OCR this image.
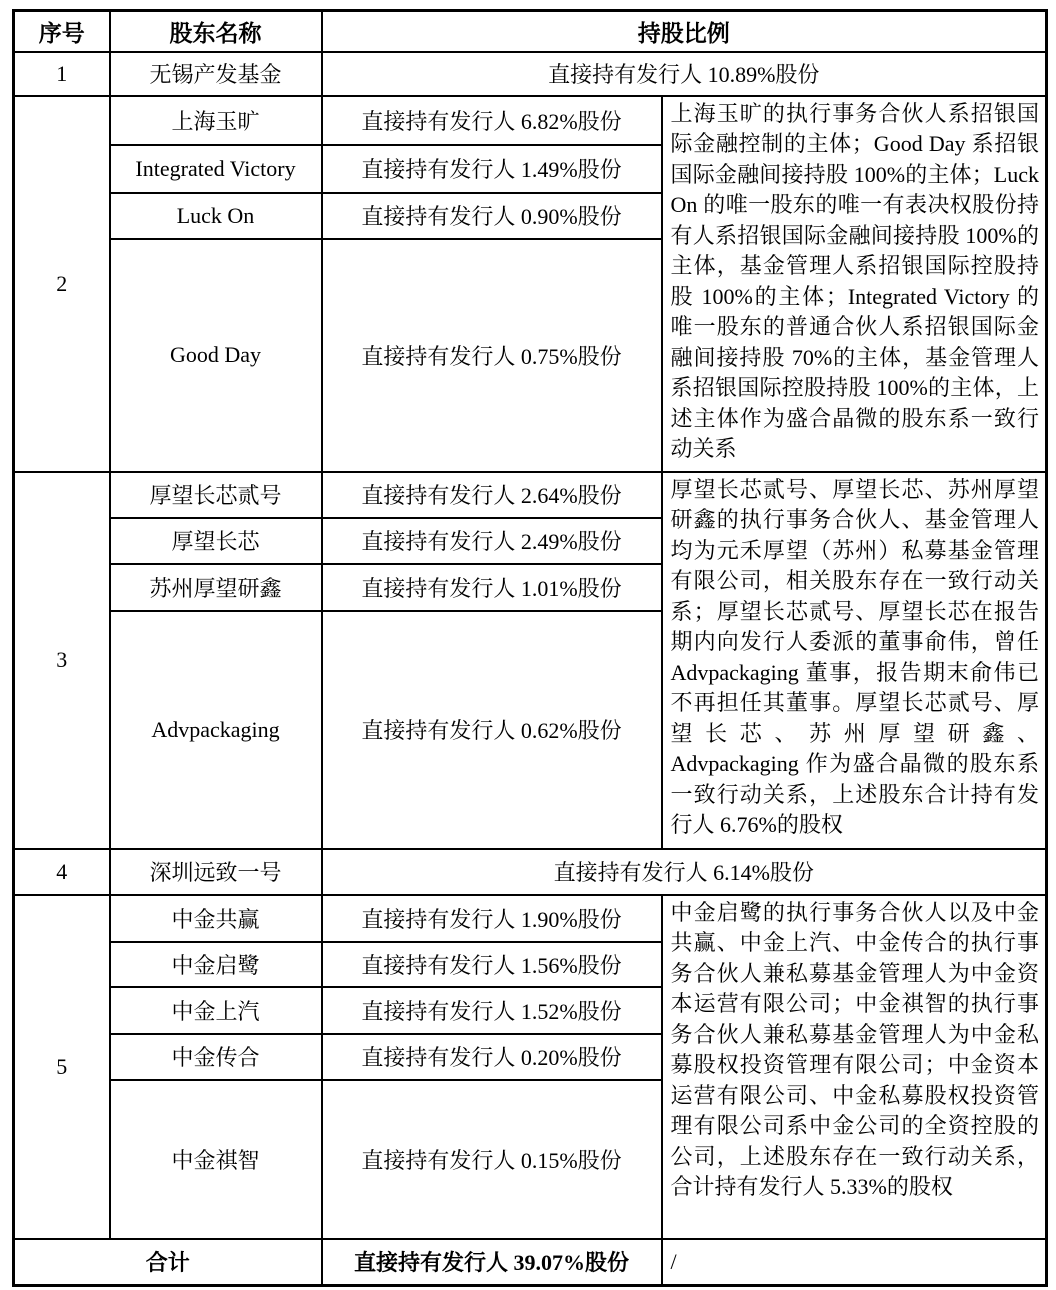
序号	股东名称	持股比例	
1	无锡产发基金	直接持有发行人 10.89%股份	
2	上海玉旷	直接持有发行人 6.82%股份	上海玉旷的执行事务合伙人系招银国际金融控制的主体；Good Day 系招银国际金融间接持股 100%的主体；Luck On 的唯一股东的唯一有表决权股份持有人系招银国际金融间接持股 100%的主体，基金管理人系招银国际控股持股 100%的主体；Integrated Victory 的唯一股东的普通合伙人系招银国际金融间接持股 70%的主体，基金管理人系招银国际控股持股 100%的主体，上述主体作为盛合晶微的股东系一致行动关系
	Integrated Victory	直接持有发行人 1.49%股份	
	Luck On	直接持有发行人 0.90%股份	
	Good Day	直接持有发行人 0.75%股份	
3	厚望长芯贰号	直接持有发行人 2.64%股份	厚望长芯贰号、厚望长芯、苏州厚望研鑫的执行事务合伙人、基金管理人均为元禾厚望（苏州）私募基金管理有限公司，相关股东存在一致行动关系；厚望长芯贰号、厚望长芯在报告期内向发行人委派的董事俞伟，曾任 Advpackaging 董事，报告期末俞伟已不再担任其董事。厚望长芯贰号、厚望长芯、苏州厚望研鑫、Advpackaging 作为盛合晶微的股东系一致行动关系，上述股东合计持有发行人 6.76%的股权
	厚望长芯	直接持有发行人 2.49%股份	
	苏州厚望研鑫	直接持有发行人 1.01%股份	
	Advpackaging	直接持有发行人 0.62%股份	
4	深圳远致一号	直接持有发行人 6.14%股份	
5	中金共赢	直接持有发行人 1.90%股份	中金启鹭的执行事务合伙人以及中金共赢、中金上汽、中金传合的执行事务合伙人兼私募基金管理人为中金资本运营有限公司；中金祺智的执行事务合伙人兼私募基金管理人为中金私募股权投资管理有限公司；中金资本运营有限公司、中金私募股权投资管理有限公司系中金公司的全资控股的公司，上述股东存在一致行动关系，合计持有发行人 5.33%的股权
	中金启鹭	直接持有发行人 1.56%股份	
	中金上汽	直接持有发行人 1.52%股份	
	中金传合	直接持有发行人 0.20%股份	
	中金祺智	直接持有发行人 0.15%股份	
合计		直接持有发行人 39.07%股份	/
